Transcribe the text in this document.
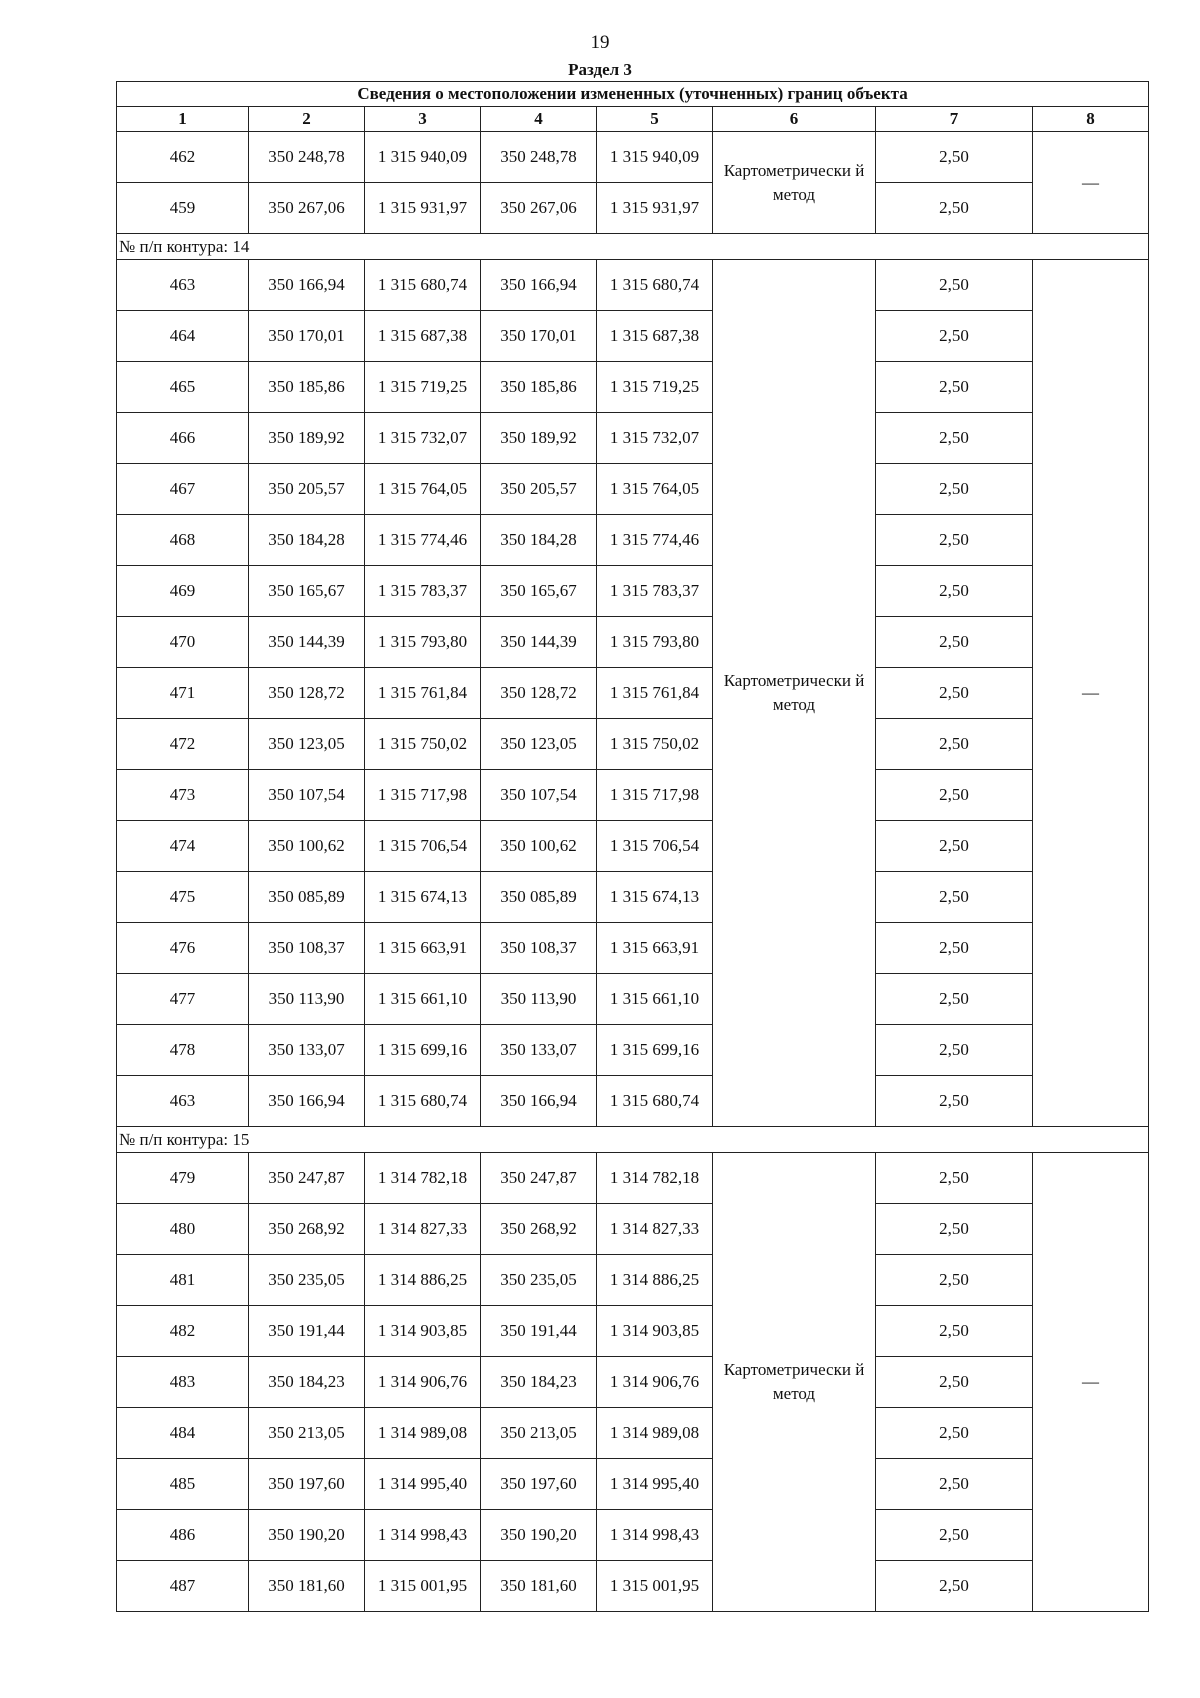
19
Раздел 3
Сведения о местоположении измененных (уточненных) границ объекта							
1	2	3	4	5	6	7	8
462	350 248,78	1 315 940,09	350 248,78	1 315 940,09	Картометрически й метод	2,50	—
459	350 267,06	1 315 931,97	350 267,06	1 315 931,97		2,50	
№ п/п контура: 14							
463	350 166,94	1 315 680,74	350 166,94	1 315 680,74	Картометрически й метод	2,50	—
464	350 170,01	1 315 687,38	350 170,01	1 315 687,38		2,50	
465	350 185,86	1 315 719,25	350 185,86	1 315 719,25		2,50	
466	350 189,92	1 315 732,07	350 189,92	1 315 732,07		2,50	
467	350 205,57	1 315 764,05	350 205,57	1 315 764,05		2,50	
468	350 184,28	1 315 774,46	350 184,28	1 315 774,46		2,50	
469	350 165,67	1 315 783,37	350 165,67	1 315 783,37		2,50	
470	350 144,39	1 315 793,80	350 144,39	1 315 793,80		2,50	
471	350 128,72	1 315 761,84	350 128,72	1 315 761,84		2,50	
472	350 123,05	1 315 750,02	350 123,05	1 315 750,02		2,50	
473	350 107,54	1 315 717,98	350 107,54	1 315 717,98		2,50	
474	350 100,62	1 315 706,54	350 100,62	1 315 706,54		2,50	
475	350 085,89	1 315 674,13	350 085,89	1 315 674,13		2,50	
476	350 108,37	1 315 663,91	350 108,37	1 315 663,91		2,50	
477	350 113,90	1 315 661,10	350 113,90	1 315 661,10		2,50	
478	350 133,07	1 315 699,16	350 133,07	1 315 699,16		2,50	
463	350 166,94	1 315 680,74	350 166,94	1 315 680,74		2,50	
№ п/п контура: 15							
479	350 247,87	1 314 782,18	350 247,87	1 314 782,18	Картометрически й метод	2,50	—
480	350 268,92	1 314 827,33	350 268,92	1 314 827,33		2,50	
481	350 235,05	1 314 886,25	350 235,05	1 314 886,25		2,50	
482	350 191,44	1 314 903,85	350 191,44	1 314 903,85		2,50	
483	350 184,23	1 314 906,76	350 184,23	1 314 906,76		2,50	
484	350 213,05	1 314 989,08	350 213,05	1 314 989,08		2,50	
485	350 197,60	1 314 995,40	350 197,60	1 314 995,40		2,50	
486	350 190,20	1 314 998,43	350 190,20	1 314 998,43		2,50	
487	350 181,60	1 315 001,95	350 181,60	1 315 001,95		2,50	
